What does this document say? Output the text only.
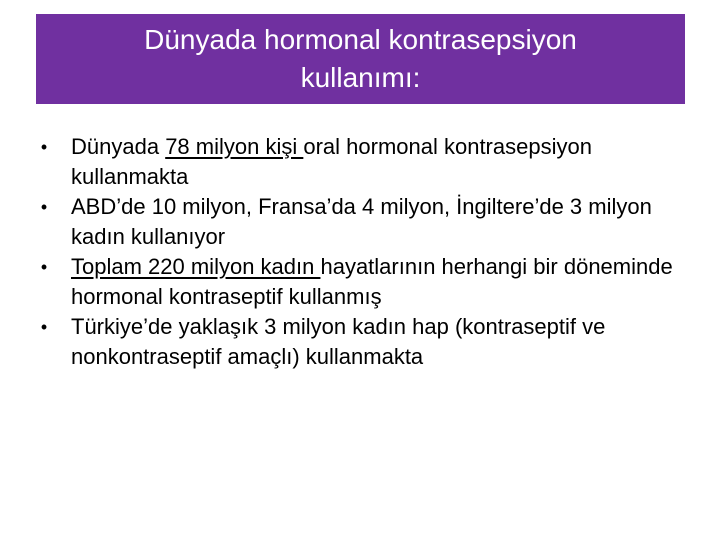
Dünyada hormonal kontrasepsiyon
kullanımı:
•	Dünyada 78 milyon kişi oral hormonal kontrasepsiyon kullanmakta
•	ABD’de 10 milyon, Fransa’da 4 milyon, İngiltere’de 3 milyon kadın kullanıyor
•	Toplam 220 milyon kadın hayatlarının herhangi bir döneminde hormonal kontraseptif kullanmış
•	Türkiye’de yaklaşık 3 milyon kadın hap (kontraseptif ve nonkontraseptif amaçlı) kullanmakta
